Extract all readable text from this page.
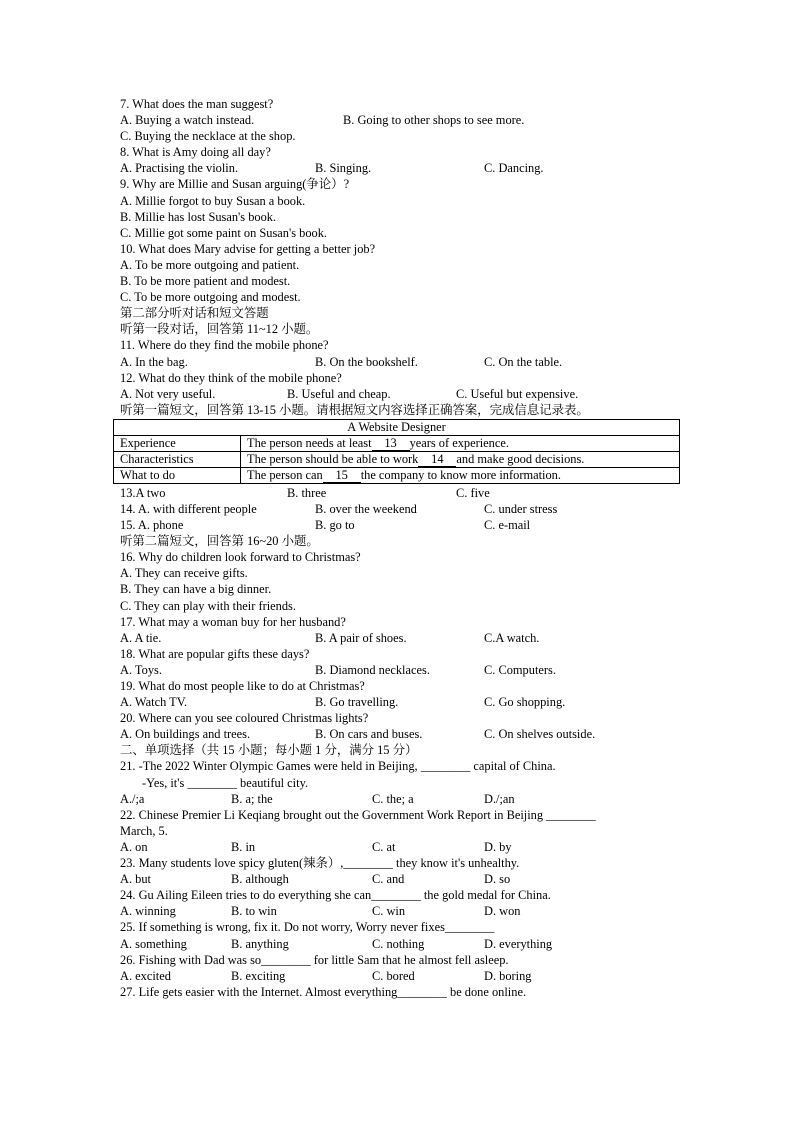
7. What does the man suggest?
A. Buying a watch instead.	B. Going to other shops to see more.
C. Buying the necklace at the shop.
8. What is Amy doing all day?
A. Practising the violin.	B. Singing.	C. Dancing.
9. Why are Millie and Susan arguing(争论）?
A. Millie forgot to buy Susan a book.
B. Millie has lost Susan's book.
C. Millie got some paint on Susan's book.
10. What does Mary advise for getting a better job?
A. To be more outgoing and patient.
B. To be more patient and modest.
C. To be more outgoing and modest.
第二部分听对话和短文答题
听第一段对话，回答第 11~12 小题。
11. Where do they find the mobile phone?
A. In the bag.	B. On the bookshelf.	C. On the table.
12. What do they think of the mobile phone?
A. Not very useful.	B. Useful and cheap.	C. Useful but expensive.
听第一篇短文，回答第 13-15 小题。请根据短文内容选择正确答案，完成信息记录表。
A Website Designer	
Experience	The person needs at least 13 years of experience.
Characteristics	The person should be able to work 14 and make good decisions.
What to do	The person can 15 the company to know more information.
13.A two	B. three	C. five
14. A. with different people	B. over the weekend	C. under stress
15. A. phone	B. go to	C. e-mail
听第二篇短文，回答第 16~20 小题。
16. Why do children look forward to Christmas?
A. They can receive gifts.
B. They can have a big dinner.
C. They can play with their friends.
17. What may a woman buy for her husband?
A. A tie.	B. A pair of shoes.	C.A watch.
18. What are popular gifts these days?
A. Toys.	B. Diamond necklaces.	C. Computers.
19. What do most people like to do at Christmas?
A. Watch TV.	B. Go travelling.	C. Go shopping.
20. Where can you see coloured Christmas lights?
A. On buildings and trees.	B. On cars and buses.	C. On shelves outside.
二、单项选择（共 15 小题；每小题 1 分，满分 15 分）
21. -The 2022 Winter Olympic Games were held in Beijing, ________ capital of China.
-Yes, it's ________ beautiful city.
A./;a	B. a; the	C. the; a	D./;an
22. Chinese Premier Li Keqiang brought out the Government Work Report in Beijing ________
March, 5.
A. on	B. in	C. at	D. by
23. Many students love spicy gluten(辣条）,________ they know it's unhealthy.
A. but	B. although	C. and	D. so
24. Gu Ailing Eileen tries to do everything she can________ the gold medal for China.
A. winning	B. to win	C. win	D. won
25. If something is wrong, fix it. Do not worry, Worry never fixes________
A. something	B. anything	C. nothing	D. everything
26. Fishing with Dad was so________ for little Sam that he almost fell asleep.
A. excited	B. exciting	C. bored	D. boring
27. Life gets easier with the Internet. Almost everything________ be done online.
